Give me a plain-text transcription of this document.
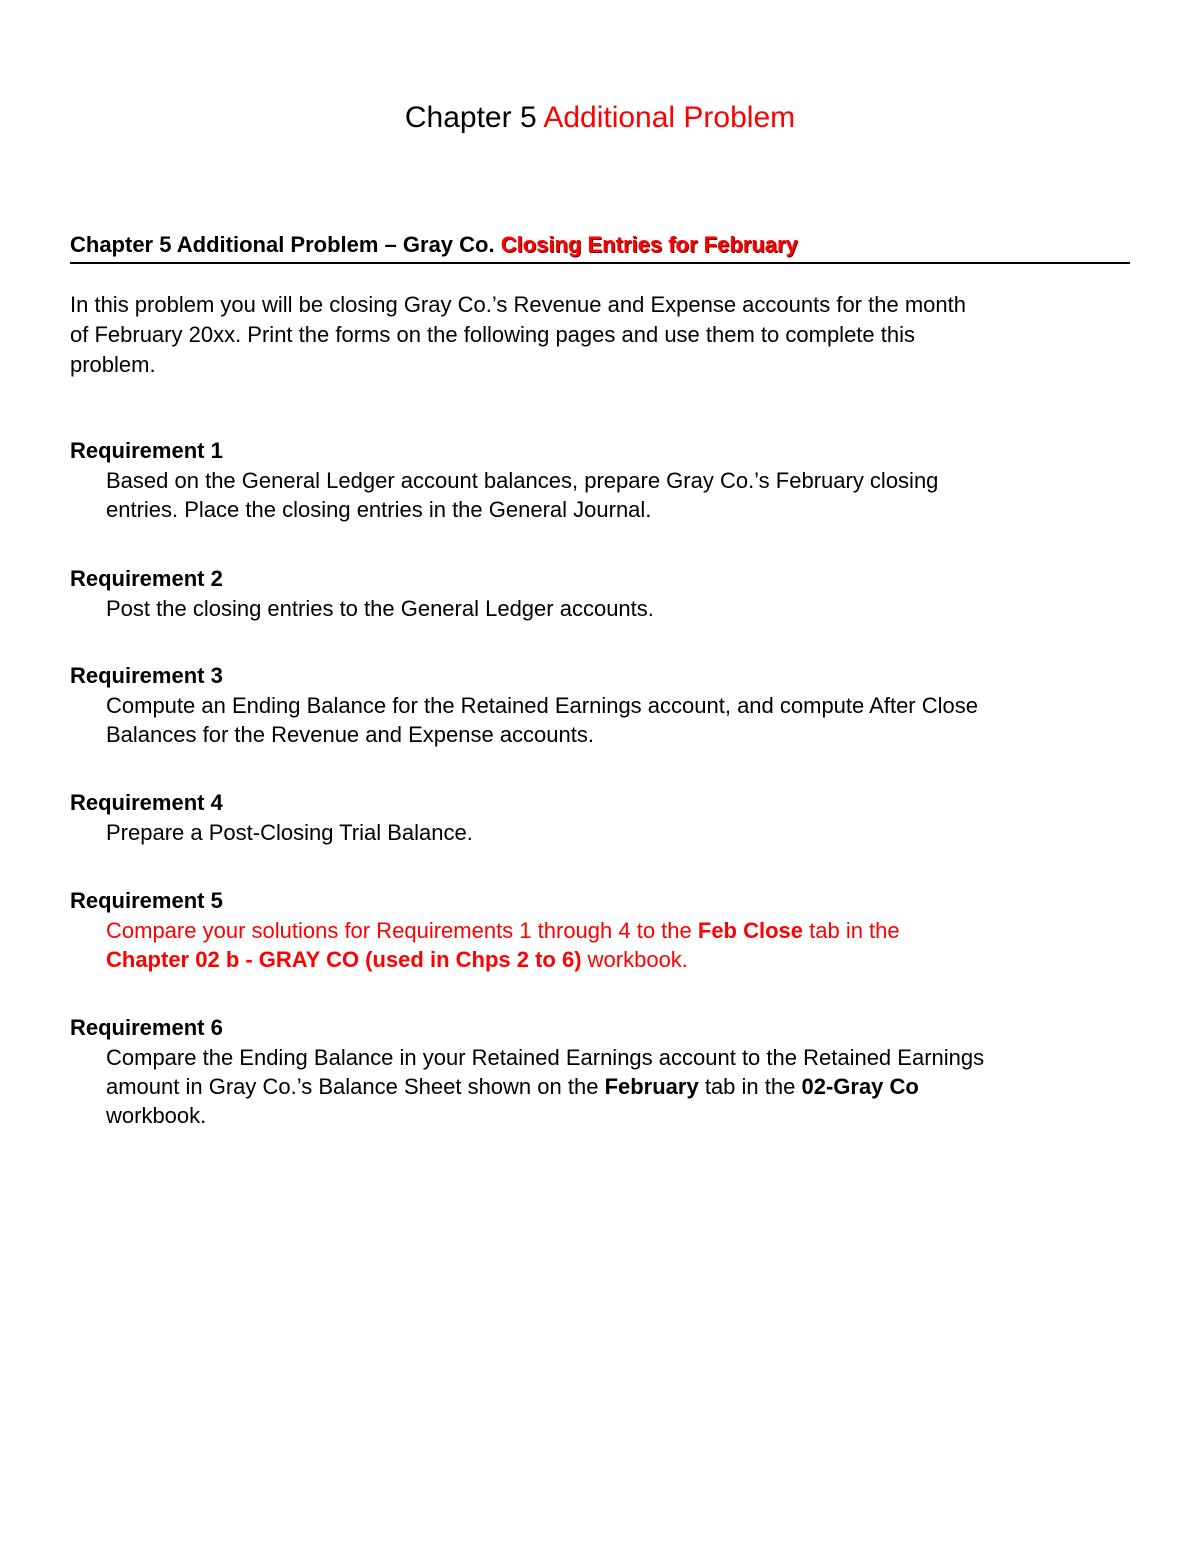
Chapter 5 Additional Problem
Chapter 5 Additional Problem – Gray Co. Closing Entries for February
In this problem you will be closing Gray Co.’s Revenue and Expense accounts for the month
of February 20xx. Print the forms on the following pages and use them to complete this
problem.
Requirement 1
Based on the General Ledger account balances, prepare Gray Co.’s February closing
entries. Place the closing entries in the General Journal.
Requirement 2
Post the closing entries to the General Ledger accounts.
Requirement 3
Compute an Ending Balance for the Retained Earnings account, and compute After Close
Balances for the Revenue and Expense accounts.
Requirement 4
Prepare a Post-Closing Trial Balance.
Requirement 5
Compare your solutions for Requirements 1 through 4 to the Feb Close tab in the
Chapter 02 b - GRAY CO (used in Chps 2 to 6) workbook.
Requirement 6
Compare the Ending Balance in your Retained Earnings account to the Retained Earnings
amount in Gray Co.’s Balance Sheet shown on the February tab in the 02-Gray Co
workbook.
